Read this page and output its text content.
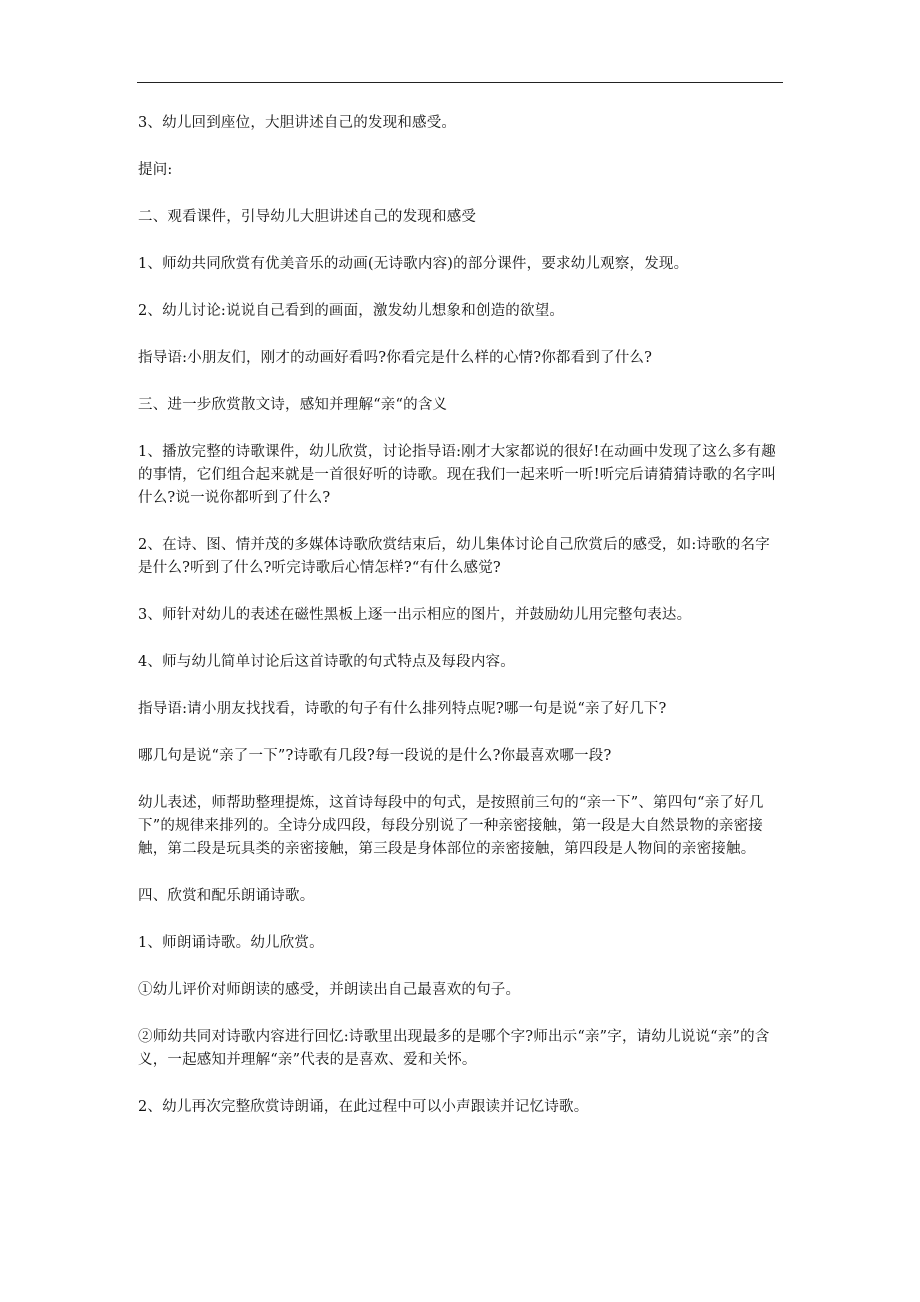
3、幼儿回到座位，大胆讲述自己的发现和感受。

提问:

二、观看课件，引导幼儿大胆讲述自己的发现和感受

1、师幼共同欣赏有优美音乐的动画(无诗歌内容)的部分课件，要求幼儿观察，发现。

2、幼儿讨论:说说自己看到的画面，激发幼儿想象和创造的欲望。

指导语:小朋友们，刚才的动画好看吗?你看完是什么样的心情?你都看到了什么?

三、进一步欣赏散文诗，感知并理解“亲“的含义

1、播放完整的诗歌课件，幼儿欣赏，讨论指导语:刚才大家都说的很好!在动画中发现了这么多有趣的事情，它们组合起来就是一首很好听的诗歌。现在我们一起来听一听!听完后请猜猜诗歌的名字叫什么?说一说你都听到了什么?

2、在诗、图、情并茂的多媒体诗歌欣赏结束后，幼儿集体讨论自己欣赏后的感受，如:诗歌的名字是什么?听到了什么?听完诗歌后心情怎样?“有什么感觉?

3、师针对幼儿的表述在磁性黑板上逐一出示相应的图片，并鼓励幼儿用完整句表达。

4、师与幼儿简单讨论后这首诗歌的句式特点及每段内容。

指导语:请小朋友找找看，诗歌的句子有什么排列特点呢?哪一句是说“亲了好几下?

哪几句是说“亲了一下”?诗歌有几段?每一段说的是什么?你最喜欢哪一段?

幼儿表述，师帮助整理提炼，这首诗每段中的句式，是按照前三句的“亲一下”、第四句“亲了好几下”的规律来排列的。全诗分成四段，每段分别说了一种亲密接触，第一段是大自然景物的亲密接触，第二段是玩具类的亲密接触，第三段是身体部位的亲密接触，第四段是人物间的亲密接触。

四、欣赏和配乐朗诵诗歌。

1、师朗诵诗歌。幼儿欣赏。

①幼儿评价对师朗读的感受，并朗读出自己最喜欢的句子。

②师幼共同对诗歌内容进行回忆:诗歌里出现最多的是哪个字?师出示“亲”字，请幼儿说说“亲”的含义，一起感知并理解“亲”代表的是喜欢、爱和关怀。

2、幼儿再次完整欣赏诗朗诵，在此过程中可以小声跟读并记忆诗歌。
